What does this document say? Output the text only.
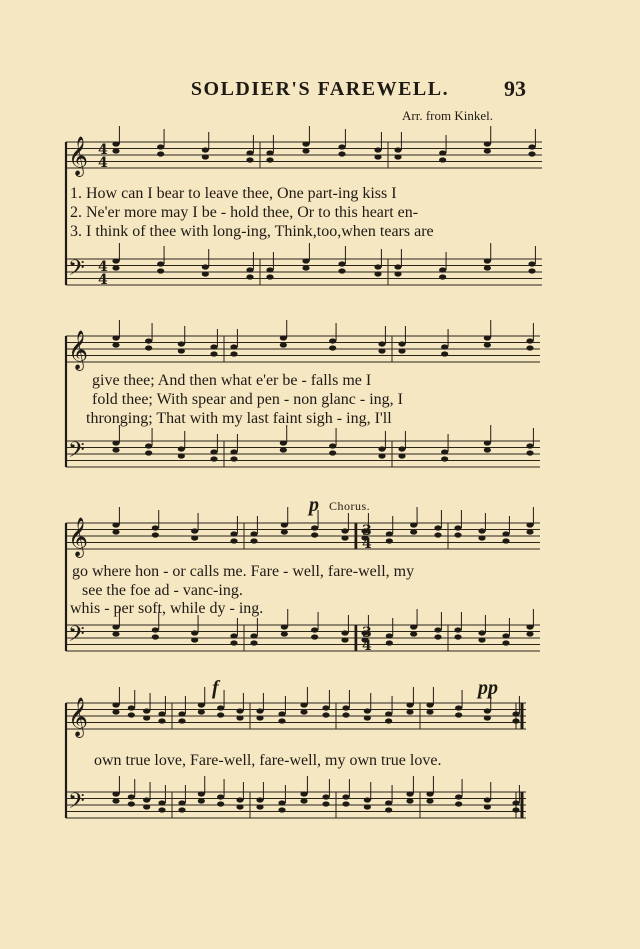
SOLDIER'S FAREWELL.	93
Arr. from Kinkel.
𝄞
𝄢
4
4
4
4
𝄞
𝄢
𝄞
𝄢
3
4
3
4
𝄞
𝄢
1. How can I bear to leave thee, One part-ing kiss I
2. Ne'er more may I be - hold thee, Or to this heart en-
3. I think of thee with long-ing, Think,too,when tears are
give thee; And then what e'er be - falls me I
fold thee; With spear and pen - non glanc - ing, I
thronging; That with my last faint sigh - ing, I'll
go where hon - or calls me. Fare - well, fare-well, my
see the foe ad - vanc-ing.
whis - per soft, while dy - ing.
own true love, Fare-well, fare-well, my own true love.
p Chorus.
f	pp
